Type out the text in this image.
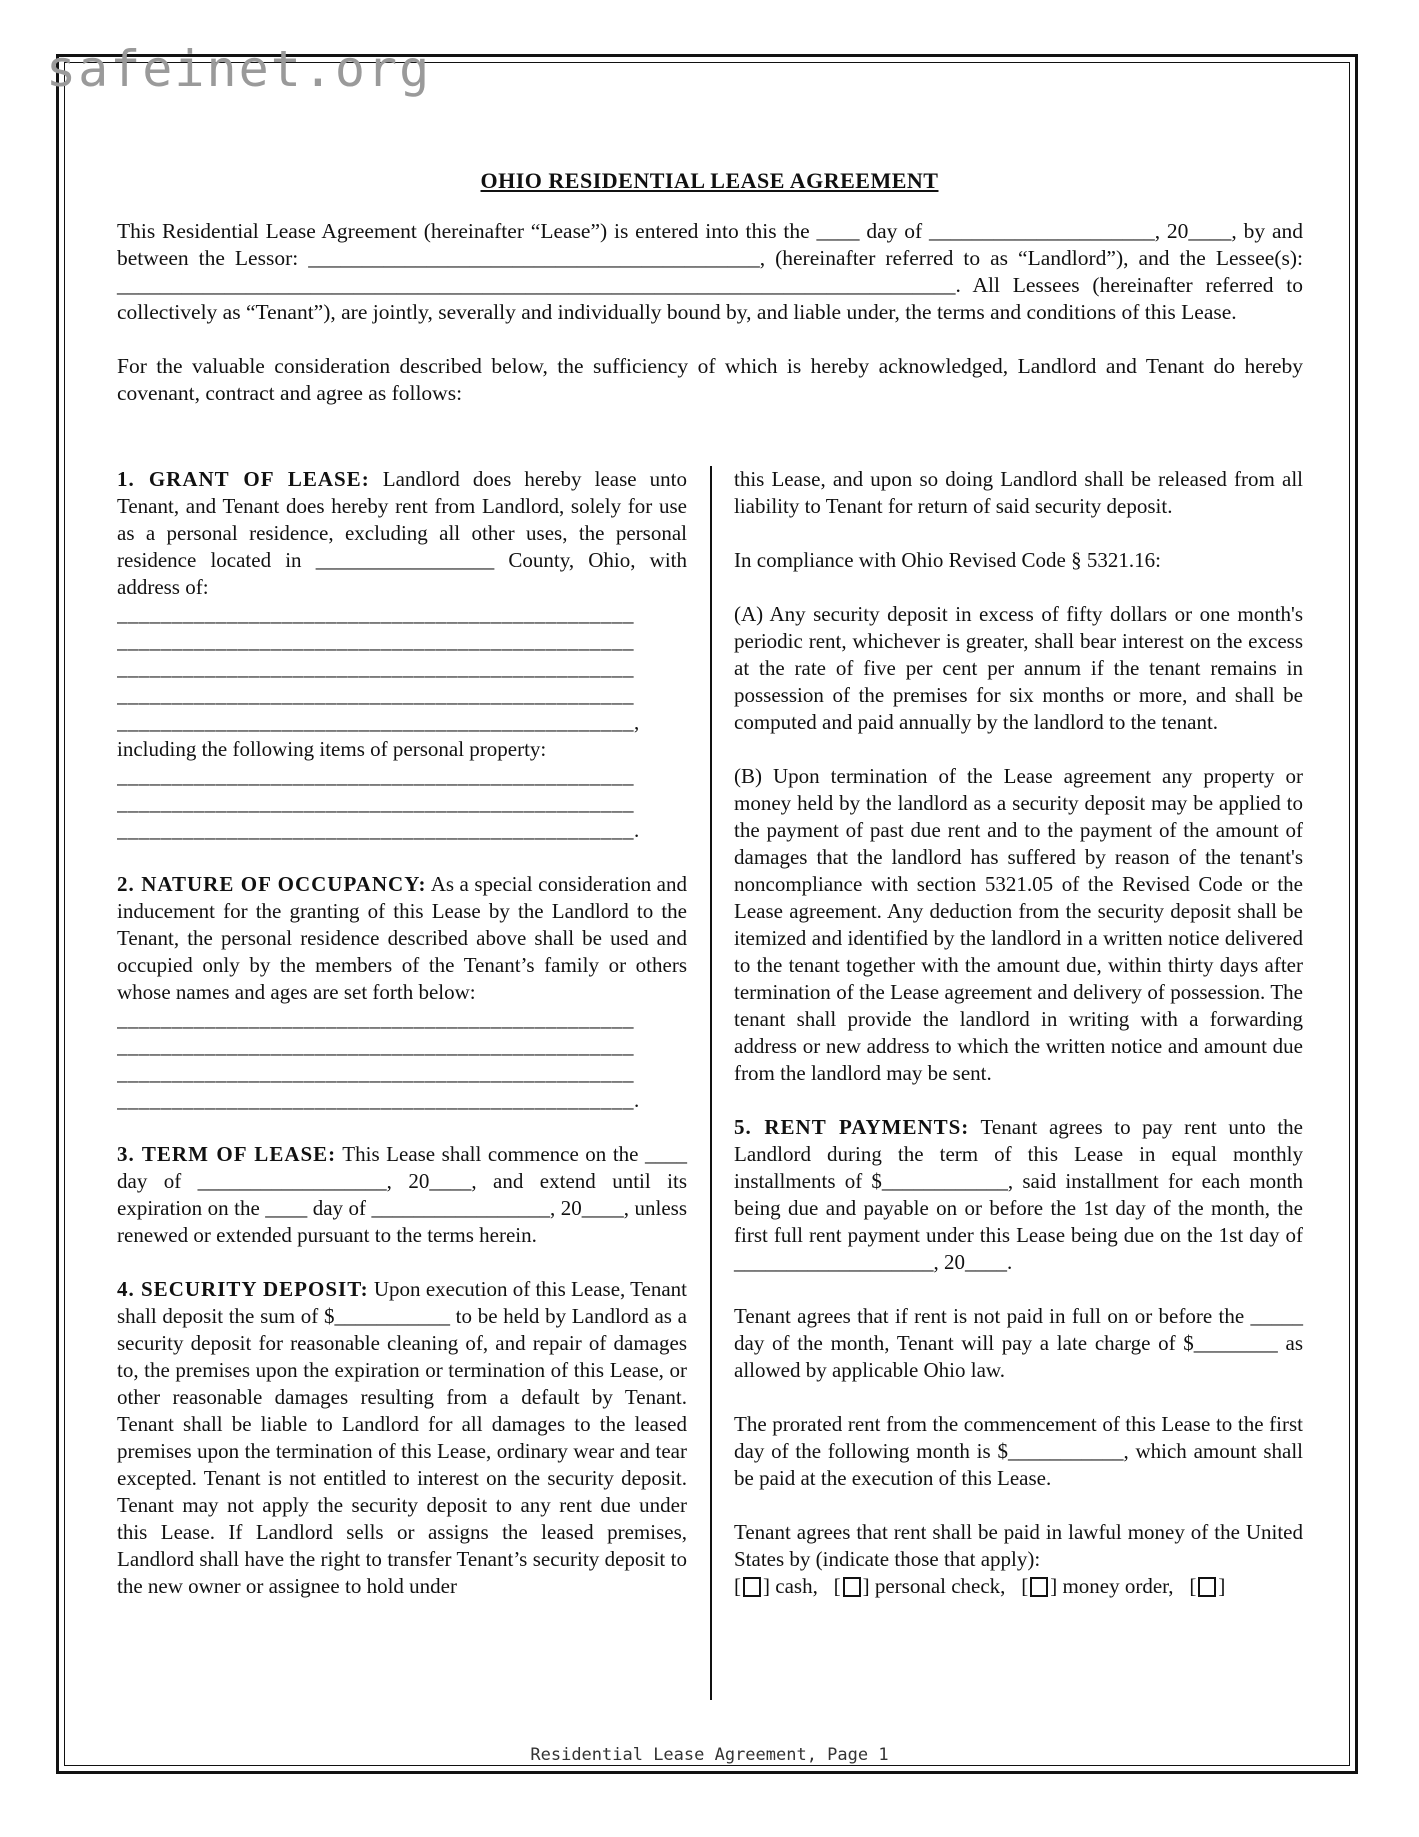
safeinet.org
OHIO RESIDENTIAL LEASE AGREEMENT

This Residential Lease Agreement (hereinafter “Lease”) is entered into this the ____ day of _____________________, 20____, by and between the Lessor: __________________________________________, (hereinafter referred to as “Landlord”), and the Lessee(s): ______________________________________________________________________________. All Lessees (hereinafter referred to collectively as “Tenant”), are jointly, severally and individually bound by, and liable under, the terms and conditions of this Lease.

For the valuable consideration described below, the sufficiency of which is hereby acknowledged, Landlord and Tenant do hereby covenant, contract and agree as follows:

1. GRANT OF LEASE: Landlord does hereby lease unto Tenant, and Tenant does hereby rent from Landlord, solely for use as a personal residence, excluding all other uses, the personal residence located in _________________ County, Ohio, with address of:

_______________________________________________
_______________________________________________
_______________________________________________
_______________________________________________
_______________________________________________,

including the following items of personal property:

_______________________________________________
_______________________________________________
_______________________________________________.

2. NATURE OF OCCUPANCY: As a special consideration and inducement for the granting of this Lease by the Landlord to the Tenant, the personal residence described above shall be used and occupied only by the members of the Tenant’s family or others whose names and ages are set forth below:

_______________________________________________
_______________________________________________
_______________________________________________
_______________________________________________.

3. TERM OF LEASE: This Lease shall commence on the ____ day of __________________, 20____, and extend until its expiration on the ____ day of _________________, 20____, unless renewed or extended pursuant to the terms herein.

4. SECURITY DEPOSIT: Upon execution of this Lease, Tenant shall deposit the sum of $___________ to be held by Landlord as a security deposit for reasonable cleaning of, and repair of damages to, the premises upon the expiration or termination of this Lease, or other reasonable damages resulting from a default by Tenant. Tenant shall be liable to Landlord for all damages to the leased premises upon the termination of this Lease, ordinary wear and tear excepted. Tenant is not entitled to interest on the security deposit. Tenant may not apply the security deposit to any rent due under this Lease. If Landlord sells or assigns the leased premises, Landlord shall have the right to transfer Tenant’s security deposit to the new owner or assignee to hold under

this Lease, and upon so doing Landlord shall be released from all liability to Tenant for return of said security deposit.

In compliance with Ohio Revised Code § 5321.16:

(A) Any security deposit in excess of fifty dollars or one month's periodic rent, whichever is greater, shall bear interest on the excess at the rate of five per cent per annum if the tenant remains in possession of the premises for six months or more, and shall be computed and paid annually by the landlord to the tenant.

(B) Upon termination of the Lease agreement any property or money held by the landlord as a security deposit may be applied to the payment of past due rent and to the payment of the amount of damages that the landlord has suffered by reason of the tenant's noncompliance with section 5321.05 of the Revised Code or the Lease agreement. Any deduction from the security deposit shall be itemized and identified by the landlord in a written notice delivered to the tenant together with the amount due, within thirty days after termination of the Lease agreement and delivery of possession. The tenant shall provide the landlord in writing with a forwarding address or new address to which the written notice and amount due from the landlord may be sent.

5. RENT PAYMENTS: Tenant agrees to pay rent unto the Landlord during the term of this Lease in equal monthly installments of $____________, said installment for each month being due and payable on or before the 1st day of the month, the first full rent payment under this Lease being due on the 1st day of ___________________, 20____.

Tenant agrees that if rent is not paid in full on or before the _____ day of the month, Tenant will pay a late charge of $________ as allowed by applicable Ohio law.

The prorated rent from the commencement of this Lease to the first day of the following month is $___________, which amount shall be paid at the execution of this Lease.

Tenant agrees that rent shall be paid in lawful money of the United States by (indicate those that apply):
[ ] cash, [ ] personal check, [ ] money order, [ ]

Residential Lease Agreement, Page 1
